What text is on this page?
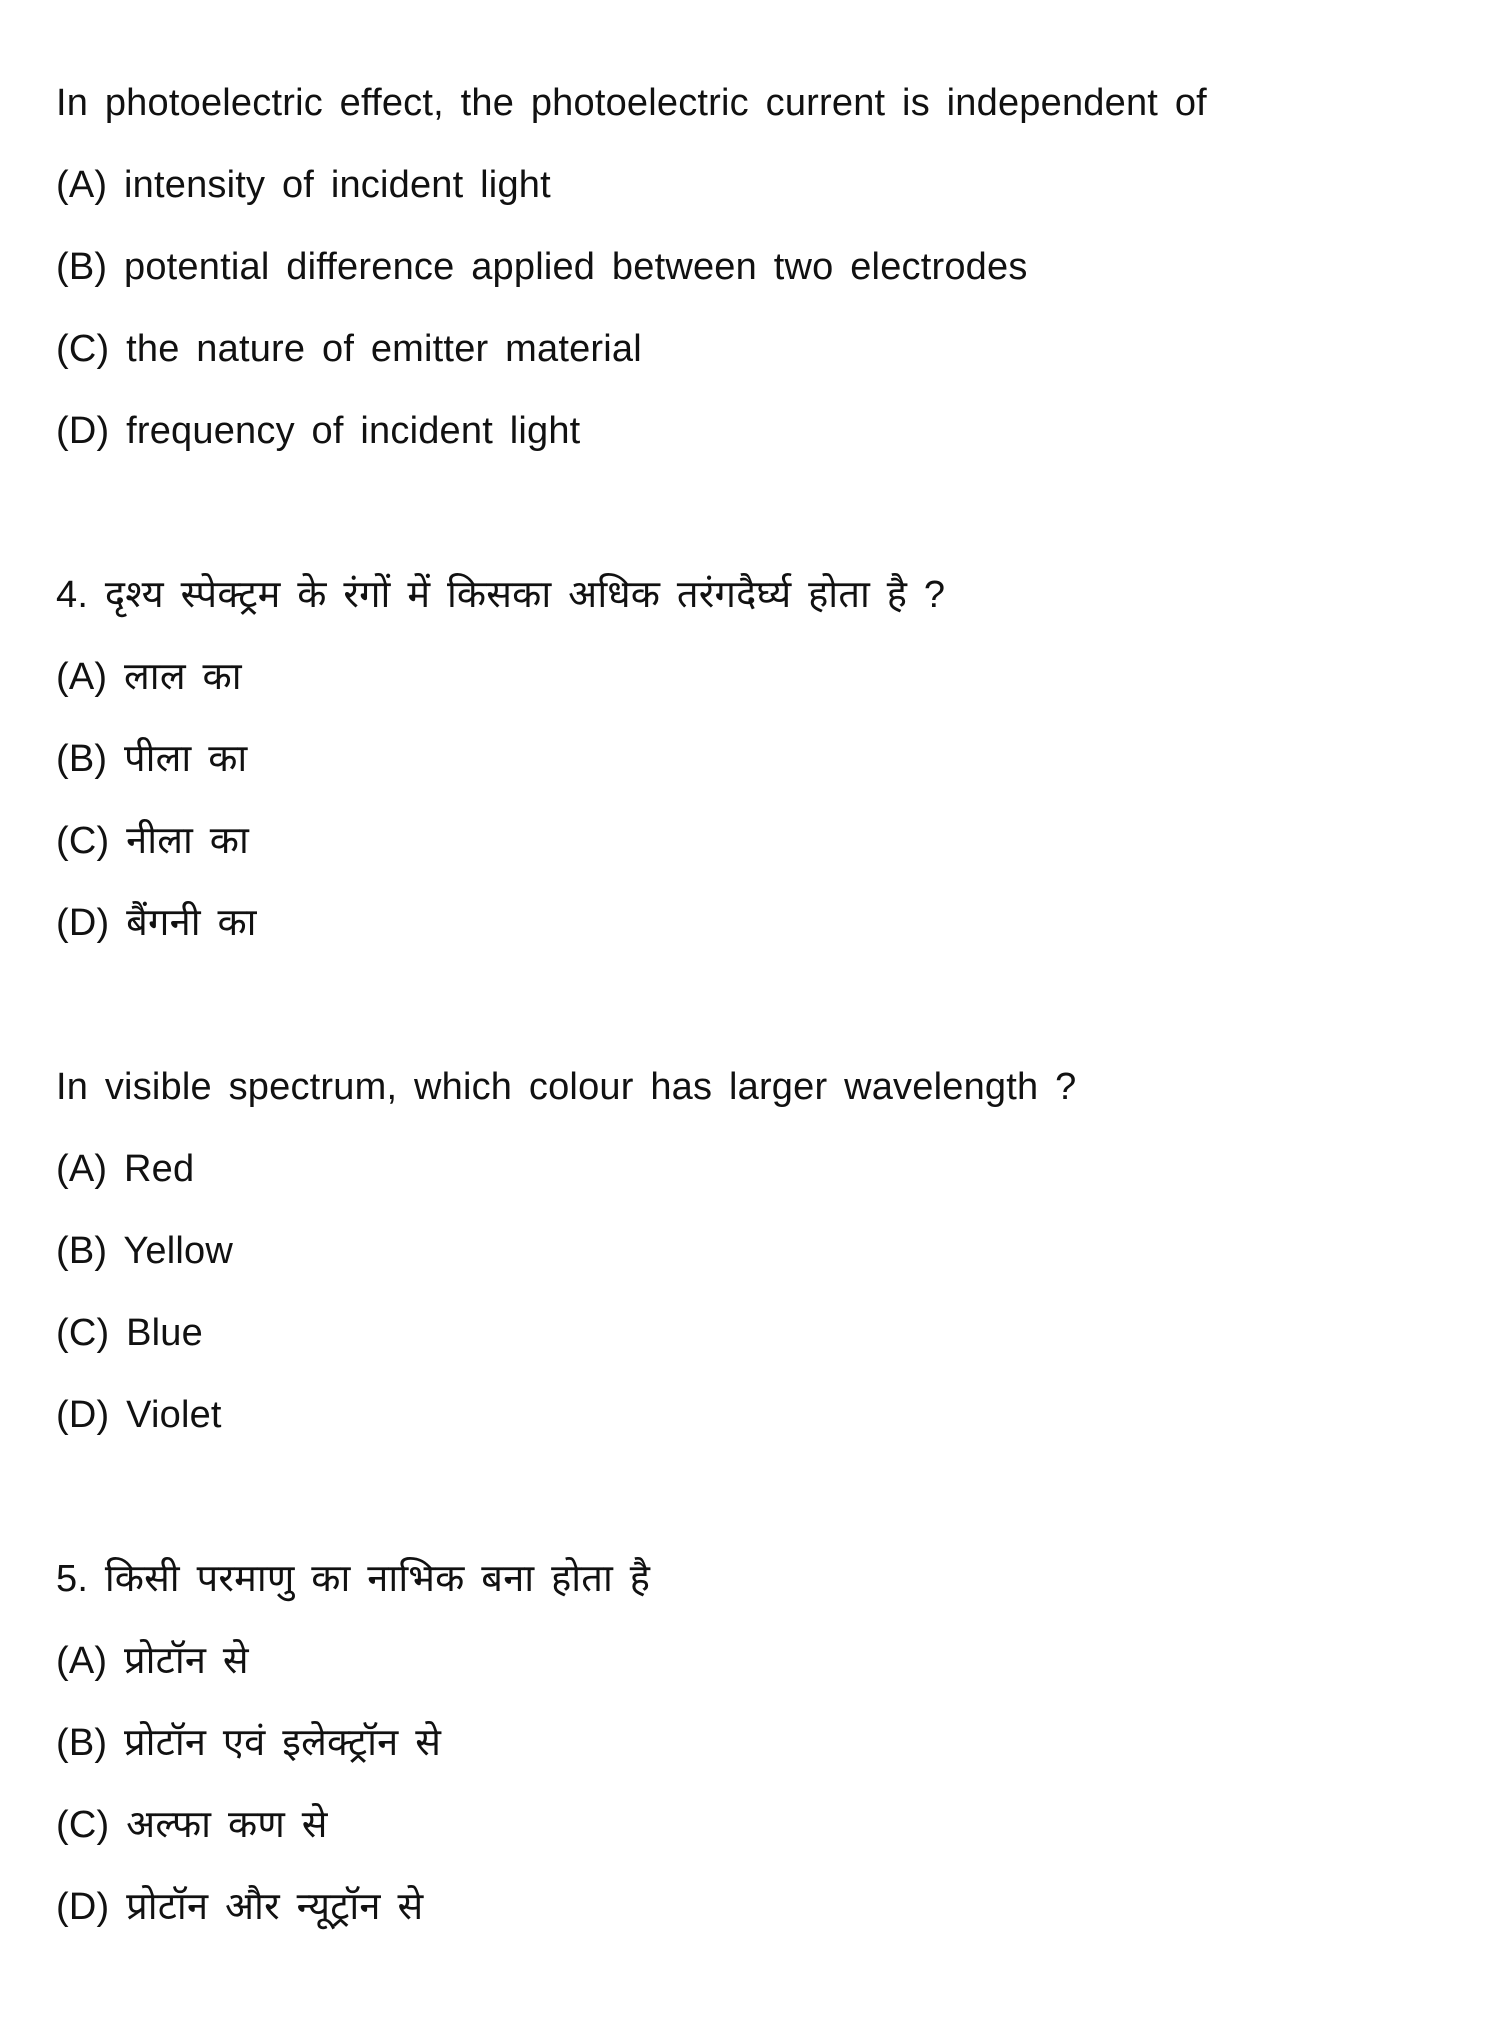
In photoelectric effect, the photoelectric current is independent of
(A) intensity of incident light
(B) potential difference applied between two electrodes
(C) the nature of emitter material
(D) frequency of incident light
4. दृश्य स्पेक्ट्रम के रंगों में किसका अधिक तरंगदैर्घ्य होता है ?
(A) लाल का
(B) पीला का
(C) नीला का
(D) बैंगनी का
In visible spectrum, which colour has larger wavelength ?
(A) Red
(B) Yellow
(C) Blue
(D) Violet
5. किसी परमाणु का नाभिक बना होता है
(A) प्रोटॉन से
(B) प्रोटॉन एवं इलेक्ट्रॉन से
(C) अल्फा कण से
(D) प्रोटॉन और न्यूट्रॉन से
